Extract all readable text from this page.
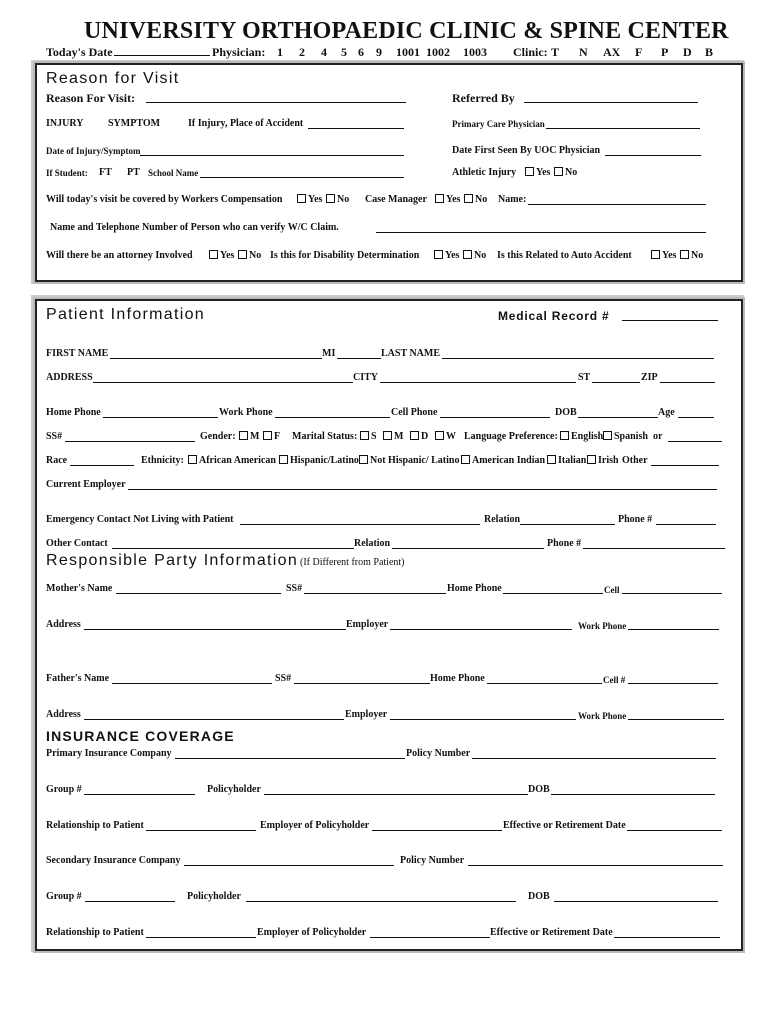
UNIVERSITY ORTHOPAEDIC CLINIC & SPINE CENTER
Today's Date	Physician: 1 2 4 5 6 9 1001 1002 1003 Clinic: T N AX F P D B
Reason for Visit
Reason For Visit:	Referred By
INJURY SYMPTOM	If Injury, Place of Accident	Primary Care Physician
Date of Injury/Symptom	Date First Seen By UOC Physician
If Student: FT PT School Name	Athletic Injury	Yes	No
Will today's visit be covered by Workers Compensation	Yes	No Case Manager	Yes	No Name:
Name and Telephone Number of Person who can verify W/C Claim.
Will there be an attorney Involved	Yes	No Is this for Disability Determination	Yes	No Is this Related to Auto Accident	Yes	No
Patient Information	Medical Record #
FIRST NAME	MI	LAST NAME
ADDRESS	CITY	ST	ZIP
Home Phone	Work Phone	Cell Phone	DOB	Age
SS#	Gender:	M	F Marital Status:	S	M	D	W Language Preference:	English	Spanish or
Race	Ethnicity:	African American	Hispanic/Latino	Not Hispanic/ Latino	American Indian	Italian	Irish Other
Current Employer
Emergency Contact Not Living with Patient	Relation	Phone #
Other Contact	Relation	Phone #
Responsible Party Information (If Different from Patient)
Mother's Name	SS#	Home Phone	Cell
Address	Employer	Work Phone
Father's Name	SS#	Home Phone	Cell #
Address	Employer	Work Phone
INSURANCE COVERAGE
Primary Insurance Company	Policy Number
Group #	Policyholder	DOB
Relationship to Patient	Employer of Policyholder	Effective or Retirement Date
Secondary Insurance Company	Policy Number
Group #	Policyholder	DOB
Relationship to Patient	Employer of Policyholder	Effective or Retirement Date
